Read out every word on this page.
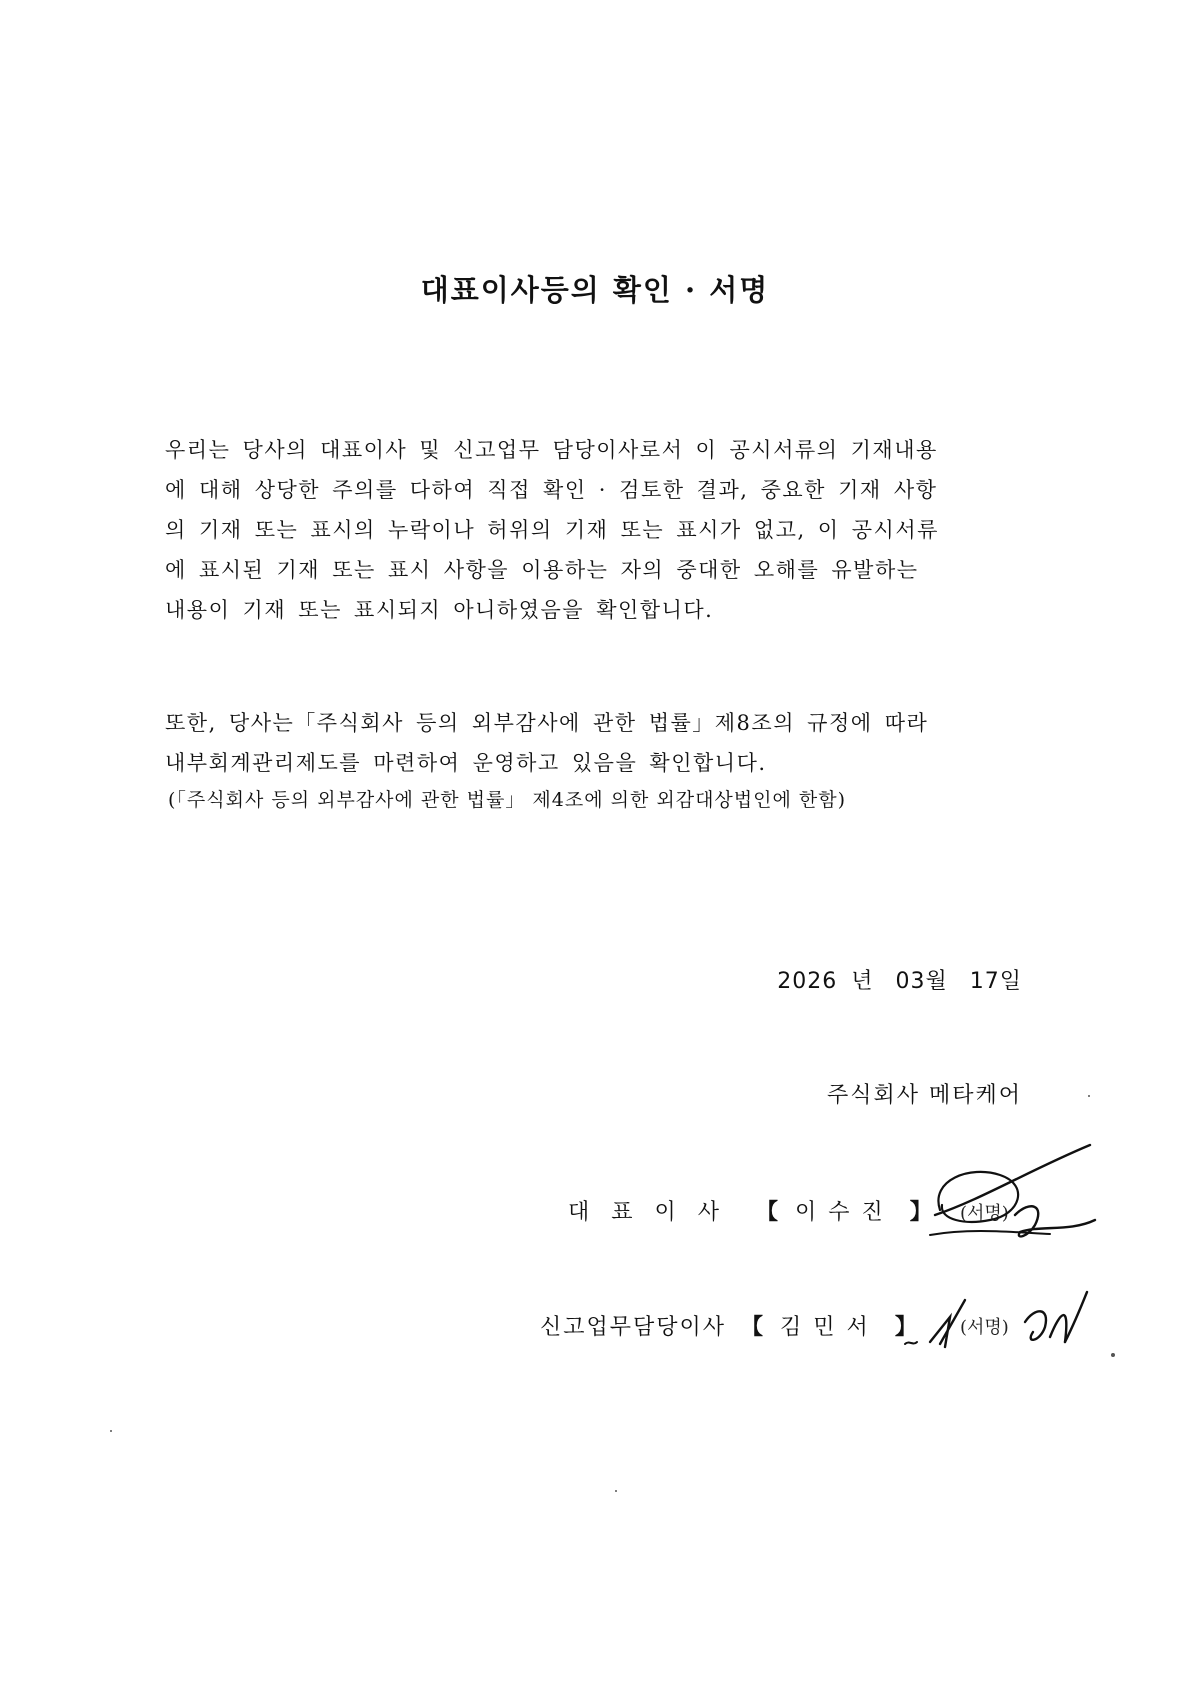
대표이사등의 확인 · 서명
우리는 당사의 대표이사 및 신고업무 담당이사로서 이 공시서류의 기재내용
에 대해 상당한 주의를 다하여 직접 확인 · 검토한 결과, 중요한 기재 사항
의 기재 또는 표시의 누락이나 허위의 기재 또는 표시가 없고, 이 공시서류
에 표시된 기재 또는 표시 사항을 이용하는 자의 중대한 오해를 유발하는
내용이 기재 또는 표시되지 아니하였음을 확인합니다.
또한, 당사는「주식회사 등의 외부감사에 관한 법률」제8조의 규정에 따라
내부회계관리제도를 마련하여 운영하고 있음을 확인합니다.
(「주식회사 등의 외부감사에 관한 법률」 제4조에 의한 외감대상법인에 한함)
2026 년 03월 17일
주식회사 메타케어
대표이사 【 이수진 】
신고업무담당이사 【 김민서 】
(서명)
(서명)
